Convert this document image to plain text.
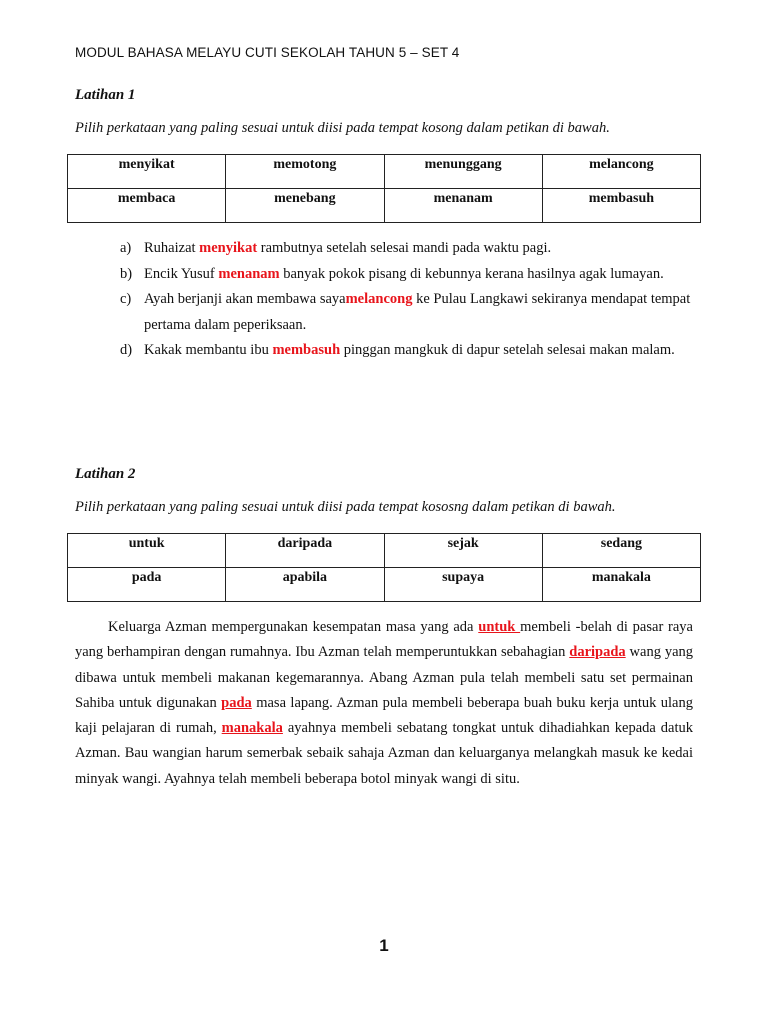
MODUL BAHASA MELAYU CUTI SEKOLAH TAHUN 5 – SET 4
Latihan 1
Pilih perkataan yang paling sesuai untuk diisi pada tempat kosong dalam petikan di bawah.
menyikat	memotong	menunggang	melancong

membaca	menebang	menanam	membasuh
a) Ruhaizat menyikat rambutnya setelah selesai mandi pada waktu pagi.
b) Encik Yusuf menanam banyak pokok pisang di kebunnya kerana hasilnya agak lumayan.
c) Ayah berjanji akan membawa sayamelancong ke Pulau Langkawi sekiranya mendapat tempat pertama dalam peperiksaan.
d) Kakak membantu ibu membasuh pinggan mangkuk di dapur setelah selesai makan malam.
Latihan 2
Pilih perkataan yang paling sesuai untuk diisi pada tempat kososng dalam petikan di bawah.
untuk	daripada	sejak	sedang

pada	apabila	supaya	manakala

Keluarga Azman mempergunakan kesempatan masa yang ada untuk membeli -belah di pasar raya yang berhampiran dengan rumahnya. Ibu Azman telah memperuntukkan sebahagian daripada wang yang dibawa untuk membeli makanan kegemarannya. Abang Azman pula telah membeli satu set permainan Sahiba untuk digunakan pada masa lapang. Azman pula membeli beberapa buah buku kerja untuk ulang kaji pelajaran di rumah, manakala ayahnya membeli sebatang tongkat untuk dihadiahkan kepada datuk Azman. Bau wangian harum semerbak sebaik sahaja Azman dan keluarganya melangkah masuk ke kedai minyak wangi. Ayahnya telah membeli beberapa botol minyak wangi di situ.

1
